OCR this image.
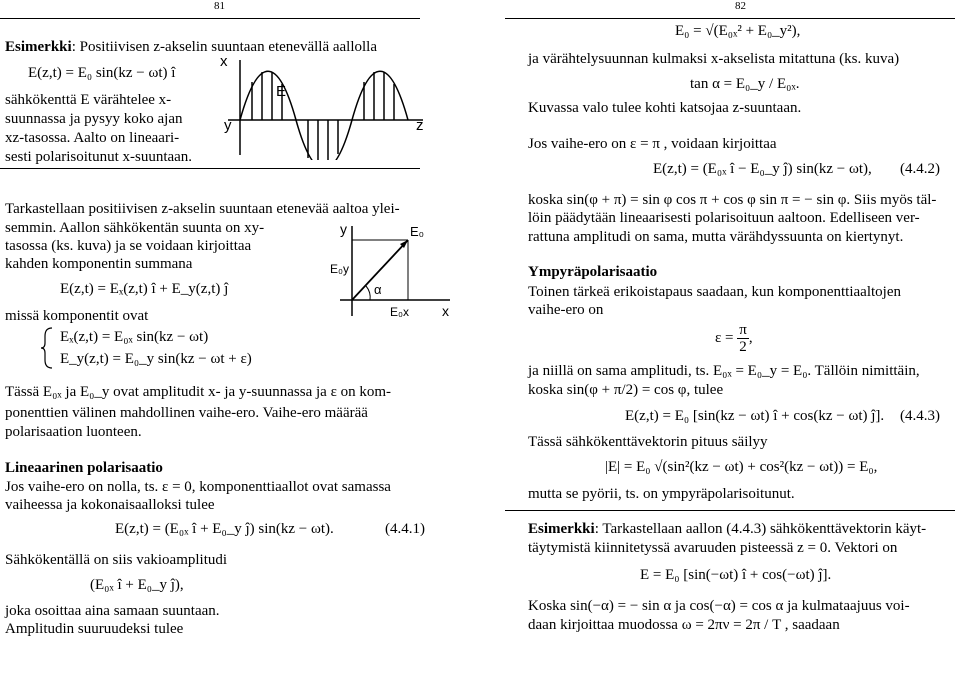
81
Esimerkki: Positiivisen z-akselin suuntaan etenevällä aallolla
E(z,t) = E₀ sin(kz − ωt) î
sähkökenttä E värähtelee x-
suunnassa ja pysyy koko ajan
xz-tasossa. Aalto on lineaari-
sesti polarisoitunut x-suuntaan.
x
E
y	z
Tarkastellaan positiivisen z-akselin suuntaan etenevää aaltoa ylei-
semmin. Aallon sähkökentän suunta on xy-
tasossa (ks. kuva) ja se voidaan kirjoittaa
kahden komponentin summana
y	E₀
E₀y
α
E₀x x
E(z,t) = Eₓ(z,t) î + E_y(z,t) ĵ
missä komponentit ovat
Eₓ(z,t) = E₀ₓ sin(kz − ωt)
E_y(z,t) = E₀_y sin(kz − ωt + ε)
Tässä E₀ₓ ja E₀_y ovat amplitudit x- ja y-suunnassa ja ε on kom-
ponenttien välinen mahdollinen vaihe-ero. Vaihe-ero määrää
polarisaation luonteen.
Lineaarinen polarisaatio
Jos vaihe-ero on nolla, ts. ε = 0, komponenttiaallot ovat samassa
vaiheessa ja kokonaisaalloksi tulee
E(z,t) = (E₀ₓ î + E₀_y ĵ) sin(kz − ωt).	(4.4.1)
Sähkökentällä on siis vakioamplitudi
(E₀ₓ î + E₀_y ĵ),
joka osoittaa aina samaan suuntaan.
Amplitudin suuruudeksi tulee
82
E₀ = √(E₀ₓ² + E₀_y²),
ja värähtelysuunnan kulmaksi x-akselista mitattuna (ks. kuva)
tan α = E₀_y / E₀ₓ.
Kuvassa valo tulee kohti katsojaa z-suuntaan.
Jos vaihe-ero on ε = π , voidaan kirjoittaa
E(z,t) = (E₀ₓ î − E₀_y ĵ) sin(kz − ωt), (4.4.2)
koska sin(φ + π) = sin φ cos π + cos φ sin π = − sin φ. Siis myös täl-
löin päädytään lineaarisesti polarisoituun aaltoon. Edelliseen ver-
rattuna amplitudi on sama, mutta värähdyssuunta on kiertynyt.
Ympyräpolarisaatio
Toinen tärkeä erikoistapaus saadaan, kun komponenttiaaltojen
vaihe-ero on
$\varepsilon = \frac{\pi}{2}$ ,
ja niillä on sama amplitudi, ts. E₀ₓ = E₀_y = E₀. Tällöin nimittäin,
koska sin(φ + π/2) = cos φ, tulee
E(z,t) = E₀ [sin(kz − ωt) î + cos(kz − ωt) ĵ]. (4.4.3)
Tässä sähkökenttävektorin pituus säilyy
|E| = E₀ √(sin²(kz − ωt) + cos²(kz − ωt)) = E₀,
mutta se pyörii, ts. on ympyräpolarisoitunut.
Esimerkki: Tarkastellaan aallon (4.4.3) sähkökenttävektorin käyt-
täytymistä kiinnitetyssä avaruuden pisteessä z = 0. Vektori on
E = E₀ [sin(−ωt) î + cos(−ωt) ĵ].
Koska sin(−α) = − sin α ja cos(−α) = cos α ja kulmataajuus voi-
daan kirjoittaa muodossa ω = 2πν = 2π / T , saadaan
